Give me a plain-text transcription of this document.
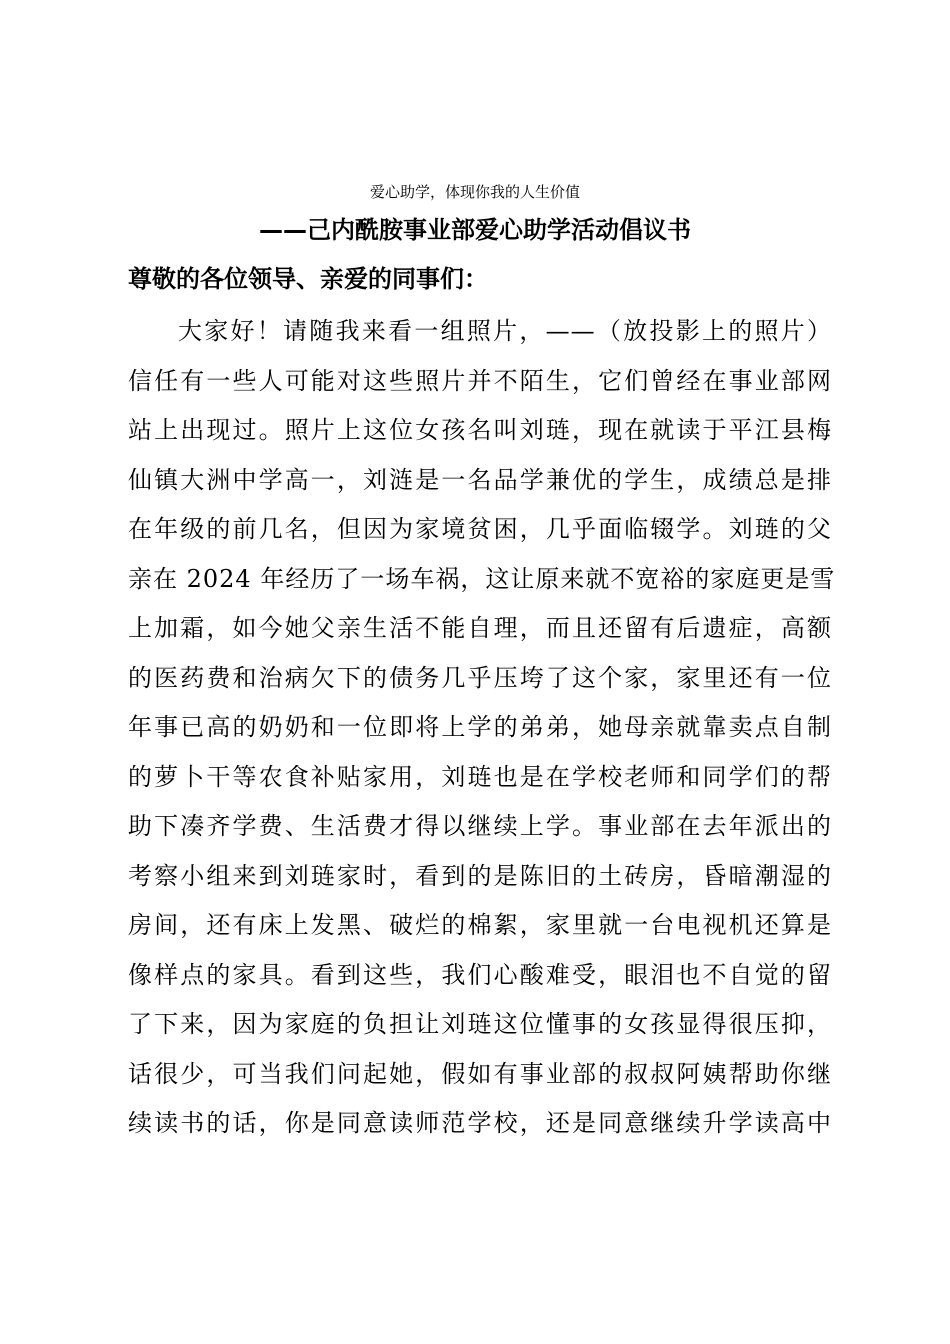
爱心助学，体现你我的人生价值
——己内酰胺事业部爱心助学活动倡议书
尊敬的各位领导、亲爱的同事们：
大家好！请随我来看一组照片，——（放投影上的照片）
信任有一些人可能对这些照片并不陌生，它们曾经在事业部网
站上出现过。照片上这位女孩名叫刘琏，现在就读于平江县梅
仙镇大洲中学高一，刘涟是一名品学兼优的学生，成绩总是排
在年级的前几名，但因为家境贫困，几乎面临辍学。刘琏的父
亲在 2024 年经历了一场车祸，这让原来就不宽裕的家庭更是雪
上加霜，如今她父亲生活不能自理，而且还留有后遗症，高额
的医药费和治病欠下的债务几乎压垮了这个家，家里还有一位
年事已高的奶奶和一位即将上学的弟弟，她母亲就靠卖点自制
的萝卜干等农食补贴家用，刘琏也是在学校老师和同学们的帮
助下凑齐学费、生活费才得以继续上学。事业部在去年派出的
考察小组来到刘琏家时，看到的是陈旧的土砖房，昏暗潮湿的
房间，还有床上发黑、破烂的棉絮，家里就一台电视机还算是
像样点的家具。看到这些，我们心酸难受，眼泪也不自觉的留
了下来，因为家庭的负担让刘琏这位懂事的女孩显得很压抑，
话很少，可当我们问起她，假如有事业部的叔叔阿姨帮助你继
续读书的话，你是同意读师范学校，还是同意继续升学读高中
